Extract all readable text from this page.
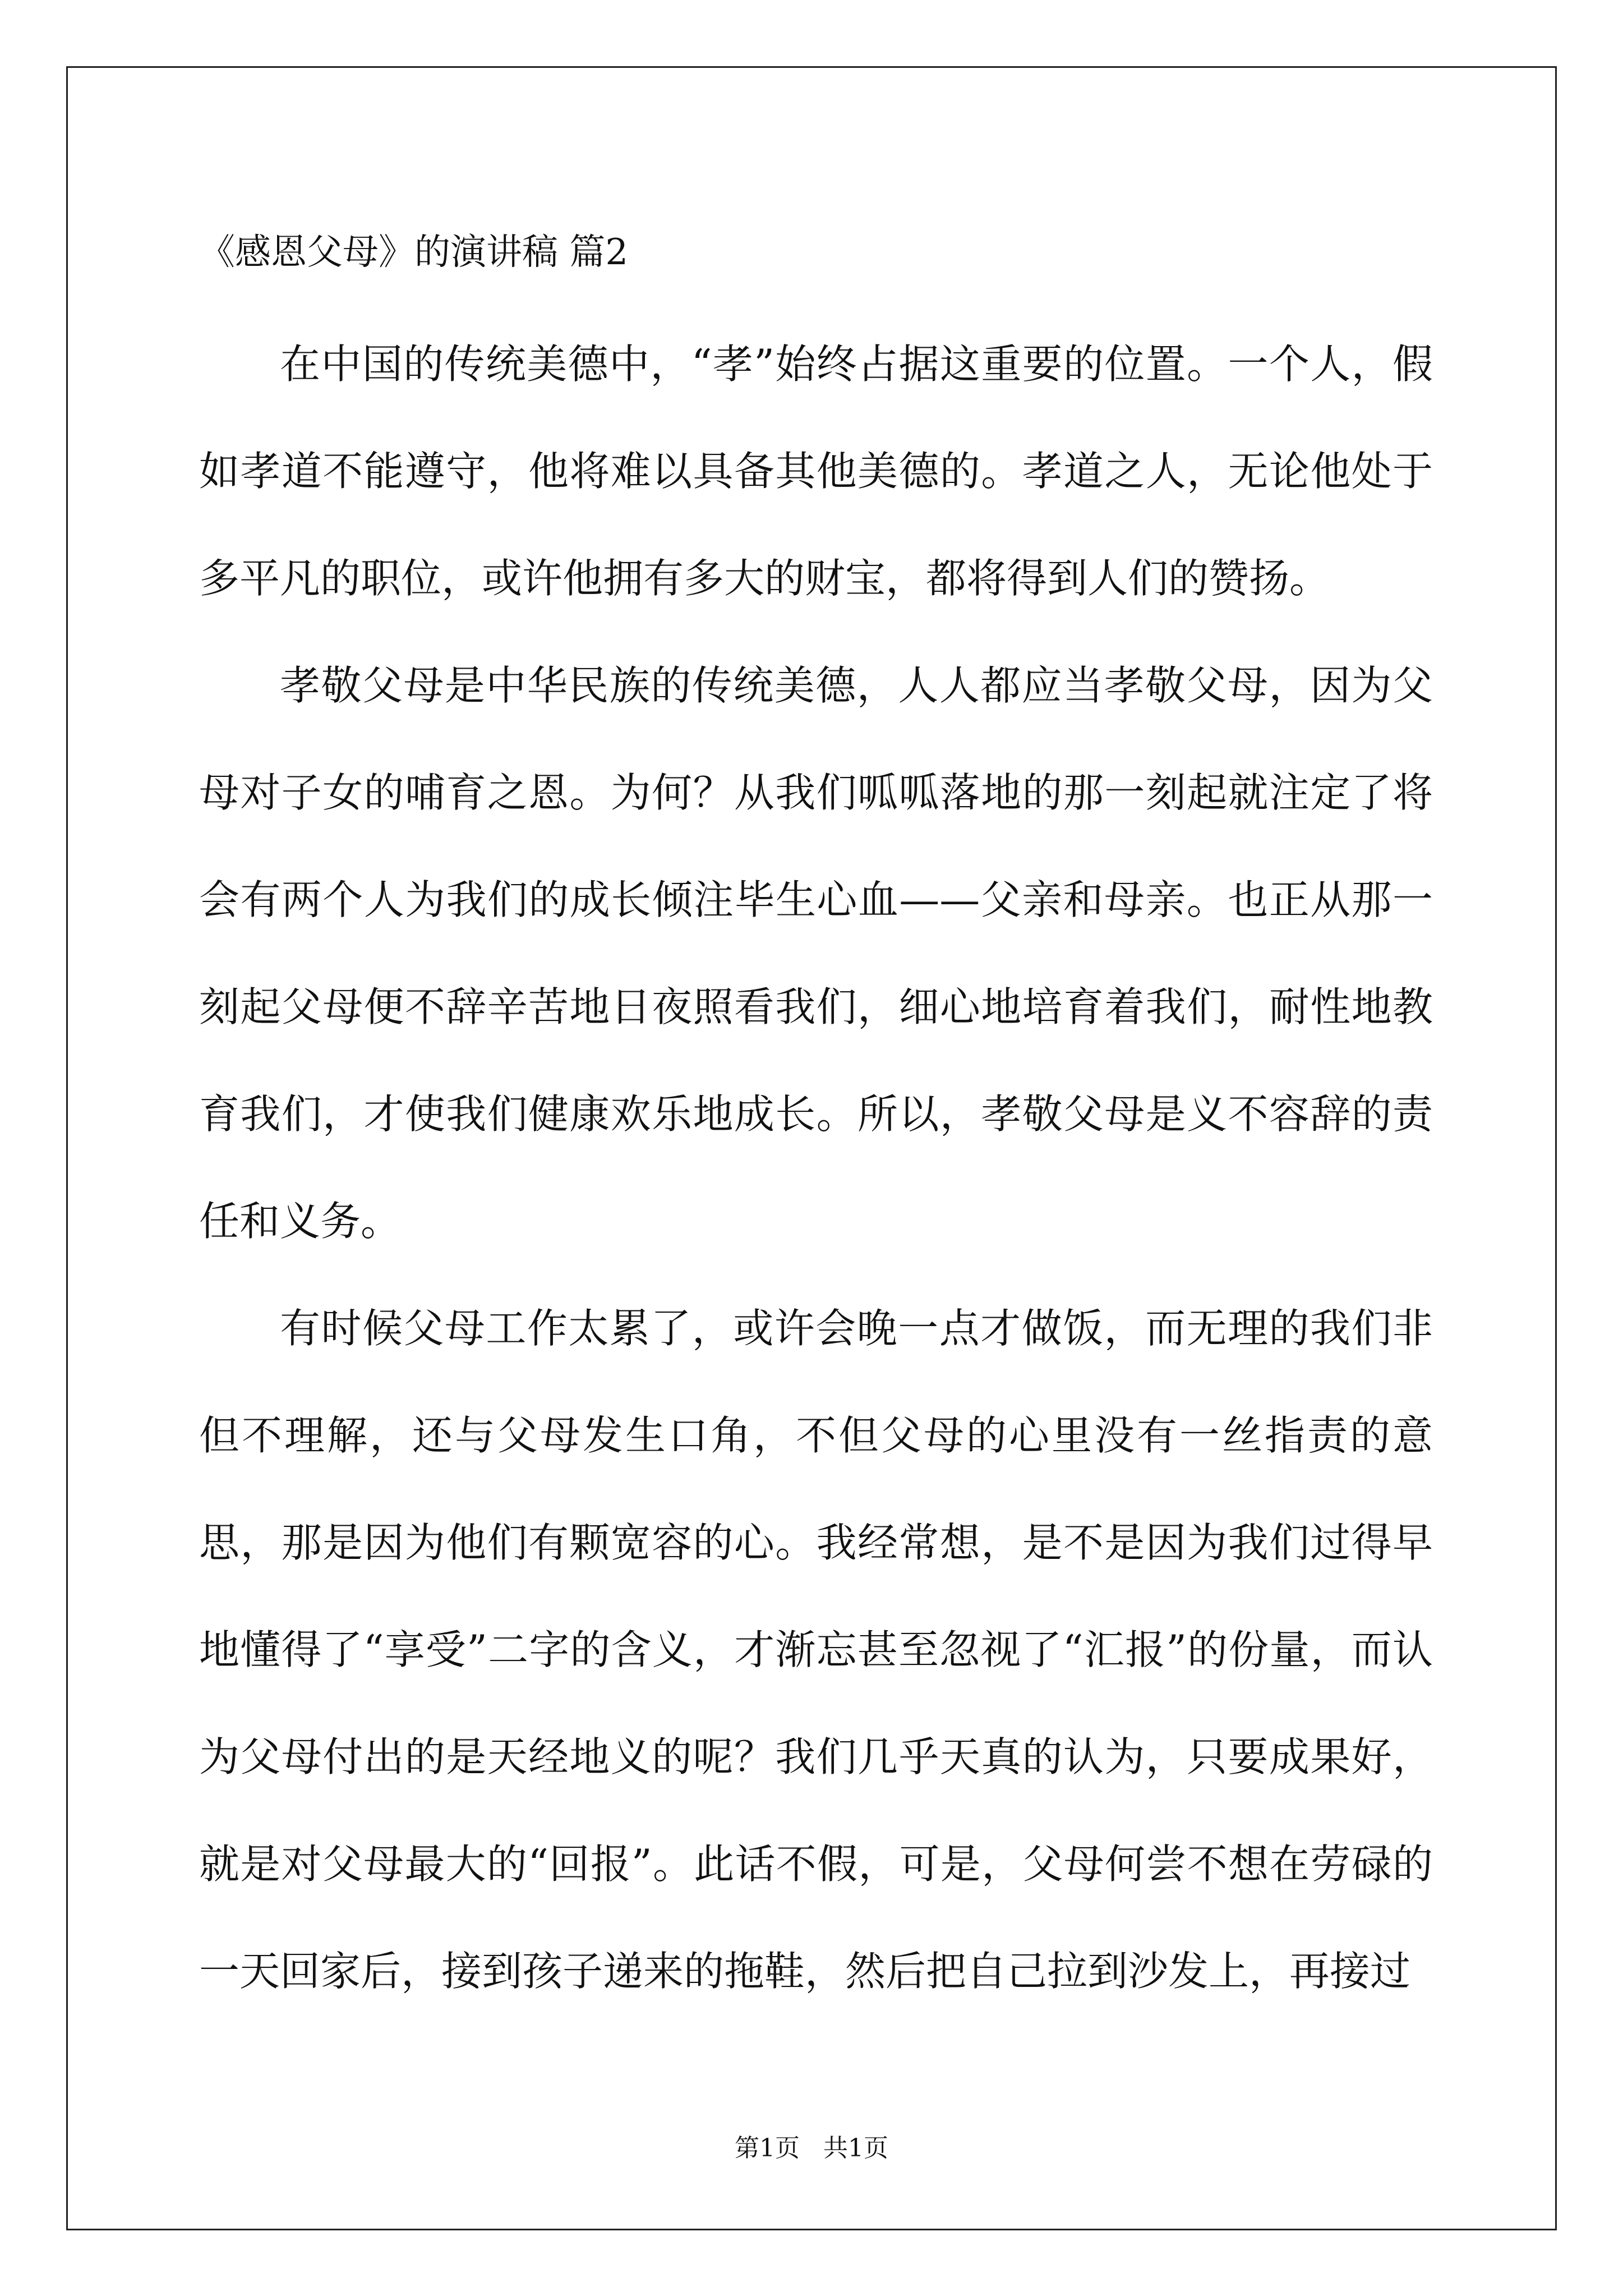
《感恩父母》的演讲稿 篇2

在中国的传统美德中，“孝”始终占据这重要的位置。一个人，假如孝道不能遵守，他将难以具备其他美德的。孝道之人，无论他处于多平凡的职位，或许他拥有多大的财宝，都将得到人们的赞扬。

孝敬父母是中华民族的传统美德，人人都应当孝敬父母，因为父母对子女的哺育之恩。为何？从我们呱呱落地的那一刻起就注定了将会有两个人为我们的成长倾注毕生心血——父亲和母亲。也正从那一刻起父母便不辞辛苦地日夜照看我们，细心地培育着我们，耐性地教育我们，才使我们健康欢乐地成长。所以，孝敬父母是义不容辞的责任和义务。

有时候父母工作太累了，或许会晚一点才做饭，而无理的我们非但不理解，还与父母发生口角，不但父母的心里没有一丝指责的意思，那是因为他们有颗宽容的心。我经常想，是不是因为我们过得早地懂得了“享受”二字的含义，才渐忘甚至忽视了“汇报”的份量，而认为父母付出的是天经地义的呢？我们几乎天真的认为，只要成果好，就是对父母最大的“回报”。此话不假，可是，父母何尝不想在劳碌的一天回家后，接到孩子递来的拖鞋，然后把自己拉到沙发上，再接过

第1页   共1页
